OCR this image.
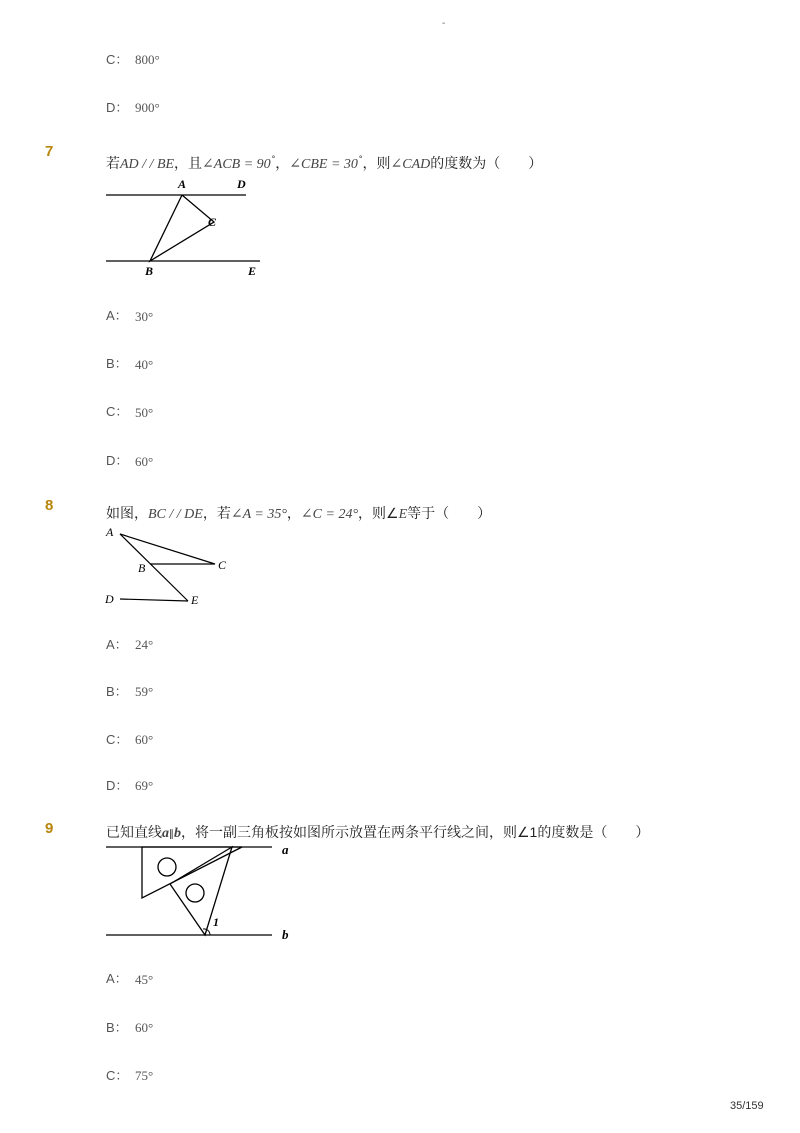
-
C： 800°
D： 900°
7
若AD / / BE，且∠ACB = 90°，∠CBE = 30°，则∠CAD的度数为（　　）
A	D
C
B	E
A： 30°
B： 40°
C： 50°
D： 60°
8	如图，BC / / DE，若∠A = 35°，∠C = 24°，则∠E等于（　　）
A
B	C
D	E
A： 24°
B： 59°
C： 60°
D： 69°
9	已知直线a∥b，将一副三角板按如图所示放置在两条平行线之间，则∠1的度数是（　　）
1
a
b
A： 45°
B： 60°
C： 75°
35/159
